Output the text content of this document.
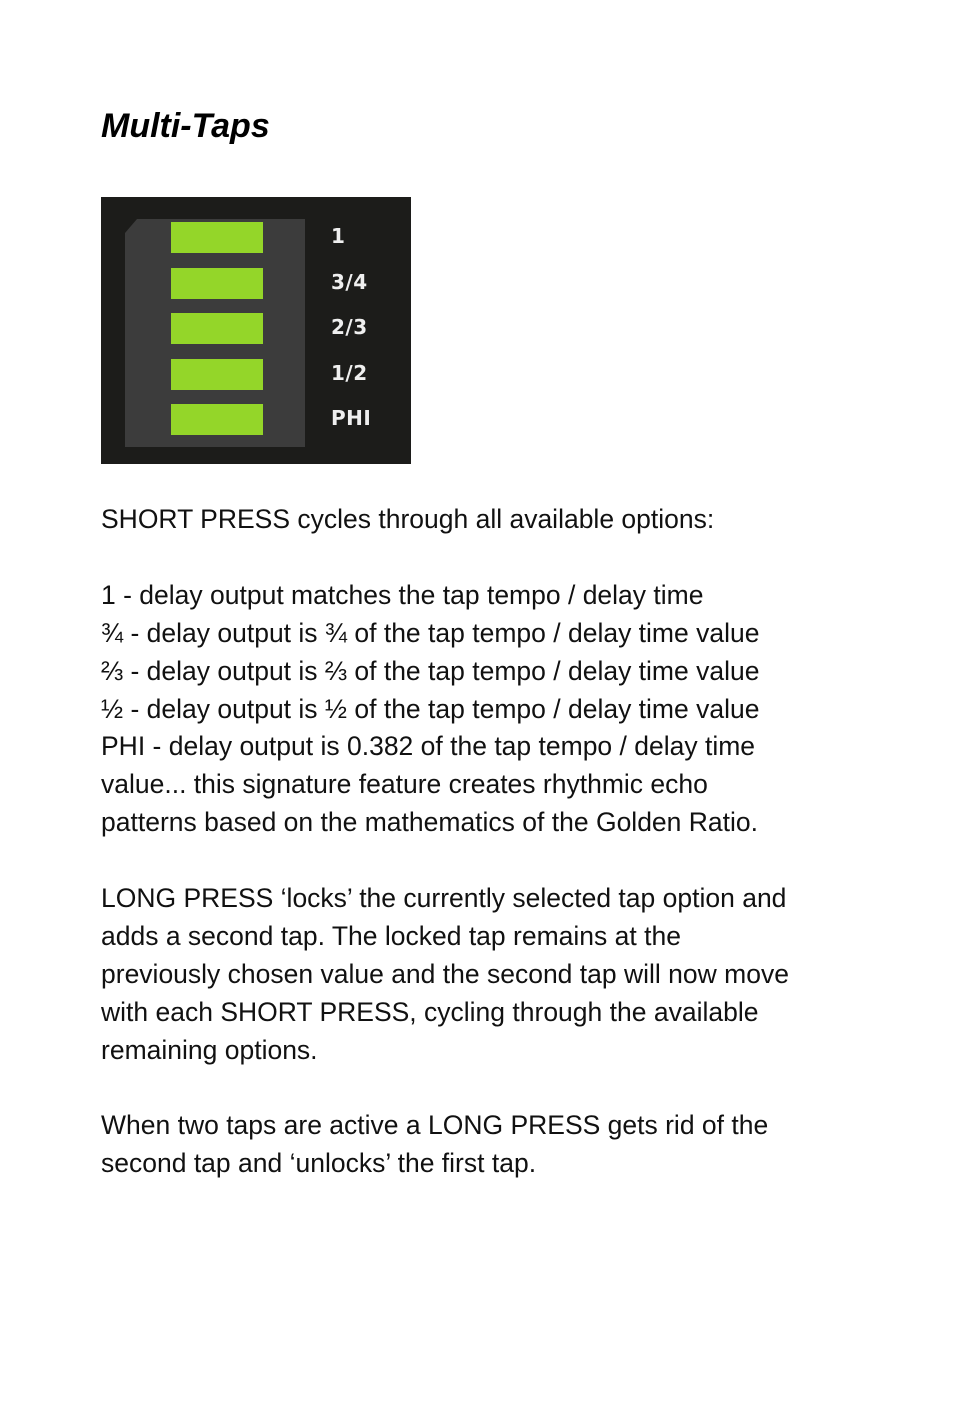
Multi-Taps
1
3/4
2/3
1/2
PHI

SHORT PRESS cycles through all available options:

1 - delay output matches the tap tempo / delay time
¾ - delay output is ¾ of the tap tempo / delay time value
⅔ - delay output is ⅔ of the tap tempo / delay time value
½ - delay output is ½ of the tap tempo / delay time value
PHI - delay output is 0.382 of the tap tempo / delay time
value... this signature feature creates rhythmic echo
patterns based on the mathematics of the Golden Ratio.

LONG PRESS ‘locks’ the currently selected tap option and
adds a second tap. The locked tap remains at the
previously chosen value and the second tap will now move
with each SHORT PRESS, cycling through the available
remaining options.

When two taps are active a LONG PRESS gets rid of the
second tap and ‘unlocks’ the first tap.
